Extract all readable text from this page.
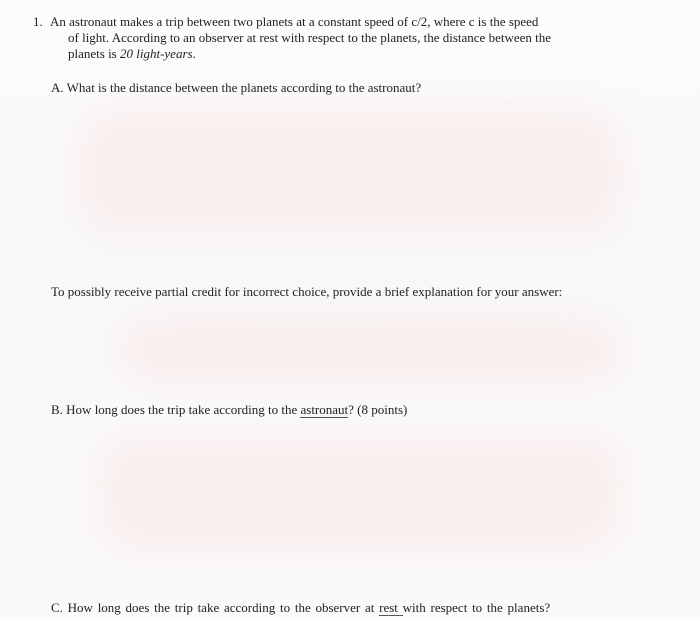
1. An astronaut makes a trip between two planets at a constant speed of c/2, where c is the speed
of light. According to an observer at rest with respect to the planets, the distance between the
planets is 20 light-years.
A. What is the distance between the planets according to the astronaut?
To possibly receive partial credit for incorrect choice, provide a brief explanation for your answer:
B. How long does the trip take according to the astronaut? (8 points)
C. How long does the trip take according to the observer at rest with respect to the planets?
